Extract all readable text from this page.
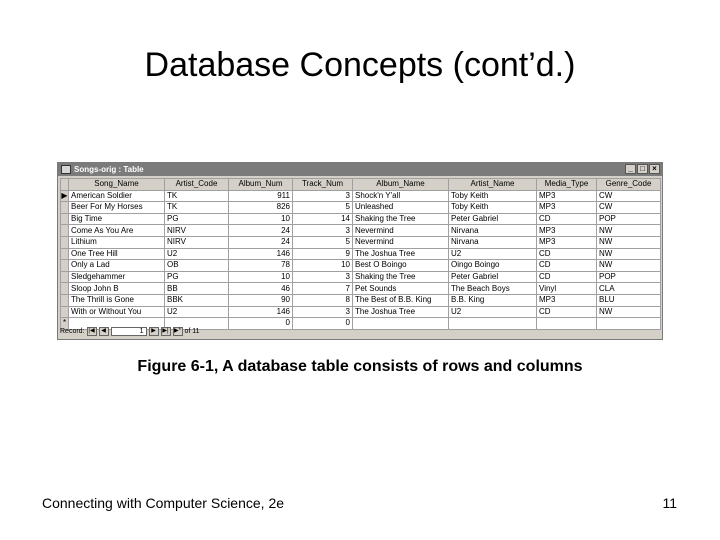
Database Concepts (cont’d.)
Songs-orig : Table	_ □ ×
	Song_Name	Artist_Code	Album_Num	Track_Num	Album_Name	Artist_Name	Media_Type	Genre_Code
▶	American Soldier	TK	911	3	Shock'n Y'all	Toby Keith	MP3	CW
	Beer For My Horses	TK	826	5	Unleashed	Toby Keith	MP3	CW
	Big Time	PG	10	14	Shaking the Tree	Peter Gabriel	CD	POP
	Come As You Are	NIRV	24	3	Nevermind	Nirvana	MP3	NW
	Lithium	NIRV	24	5	Nevermind	Nirvana	MP3	NW
	One Tree Hill	U2	146	9	The Joshua Tree	U2	CD	NW
	Only a Lad	OB	78	10	Best O Boingo	Oingo Boingo	CD	NW
	Sledgehammer	PG	10	3	Shaking the Tree	Peter Gabriel	CD	POP
	Sloop John B	BB	46	7	Pet Sounds	The Beach Boys	Vinyl	CLA
	The Thrill is Gone	BBK	90	8	The Best of B.B. King	B.B. King	MP3	BLU
	With or Without You	U2	146	3	The Joshua Tree	U2	CD	NW
*			0	0				
Record: |◀	◀	1	▶	▶| ▶* of 11
Figure 6-1, A database table consists of rows and columns
Connecting with Computer Science, 2e	11
